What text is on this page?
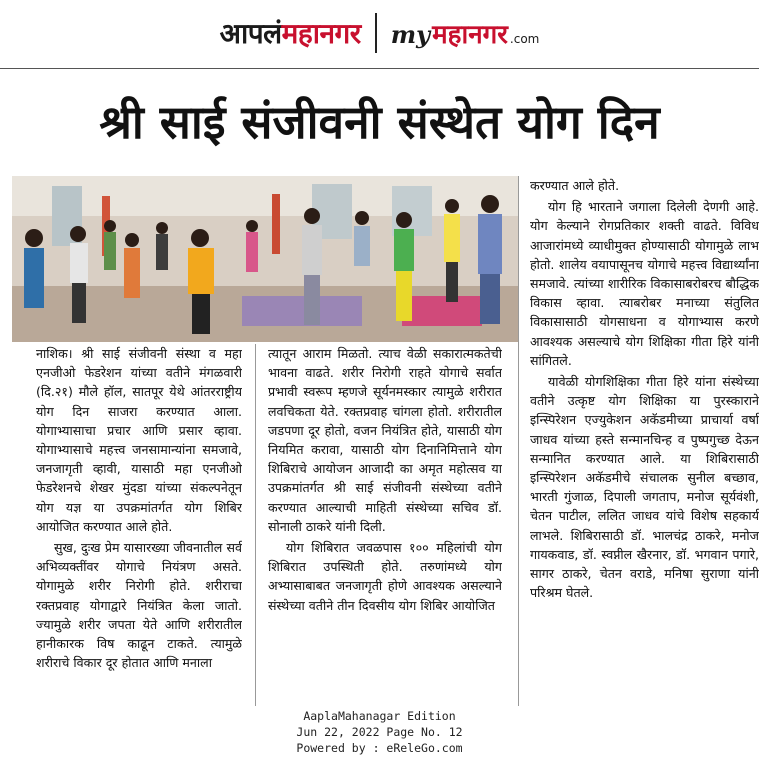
आपलंमहानगर my महानगर .com
श्री साई संजीवनी संस्थेत योग दिन

नाशिक। श्री साई संजीवनी संस्था व महा एनजीओ फेडरेशन यांच्या वतीने मंगळवारी (दि.२१) मौले हॉल, सातपूर येथे आंतरराष्ट्रीय योग दिन साजरा करण्यात आला. योगाभ्यासाचा प्रचार आणि प्रसार व्हावा. योगाभ्यासाचे महत्त्व जनसामान्यांना समजावे, जनजागृती व्हावी, यासाठी महा एनजीओ फेडरेशनचे शेखर मुंदडा यांच्या संकल्पनेतून योग यज्ञ या उपक्रमांतर्गत योग शिबिर आयोजित करण्यात आले होते.

सुख, दुःख प्रेम यासारख्या जीवनातील सर्व अभिव्यक्तींवर योगाचे नियंत्रण असते. योगामुळे शरीर निरोगी होते. शरीराचा रक्तप्रवाह योगाद्वारे नियंत्रित केला जातो. ज्यामुळे शरीर जपता येते आणि शरीरातील हानीकारक विष काढून टाकते. त्यामुळे शरीराचे विकार दूर होतात आणि मनाला

त्यातून आराम मिळतो. त्याच वेळी सकारात्मकतेची भावना वाढते. शरीर निरोगी राहते योगाचे सर्वात प्रभावी स्वरूप म्हणजे सूर्यनमस्कार त्यामुळे शरीरात लवचिकता येते. रक्तप्रवाह चांगला होतो. शरीरातील जडपणा दूर होतो, वजन नियंत्रित होते, यासाठी योग नियमित करावा, यासाठी योग दिनानिमित्ताने योग शिबिराचे आयोजन आजादी का अमृत महोत्सव या उपक्रमांतर्गत श्री साई संजीवनी संस्थेच्या वतीने करण्यात आल्याची माहिती संस्थेच्या सचिव डॉ. सोनाली ठाकरे यांनी दिली.

योग शिबिरात जवळपास १०० महिलांची योग शिबिरात उपस्थिती होते. तरुणांमध्ये योग अभ्यासाबाबत जनजागृती होणे आवश्यक असल्याने संस्थेच्या वतीने तीन दिवसीय योग शिबिर आयोजित

करण्यात आले होते.

योग हि भारताने जगाला दिलेली देणगी आहे. योग केल्याने रोगप्रतिकार शक्ती वाढते. विविध आजारांमध्ये व्याधीमुक्त होण्यासाठी योगामुळे लाभ होतो. शालेय वयापासूनच योगाचे महत्त्व विद्यार्थ्यांना समजावे. त्यांच्या शारीरिक विकासाबरोबरच बौद्धिक विकास व्हावा. त्याबरोबर मनाच्या संतुलित विकासासाठी योगसाधना व योगाभ्यास करणे आवश्यक असल्याचे योग शिक्षिका गीता हिरे यांनी सांगितले.

यावेळी योगशिक्षिका गीता हिरे यांना संस्थेच्या वतीने उत्कृष्ट योग शिक्षिका या पुरस्काराने इन्स्पिरेशन एज्युकेशन अकॅडमीच्या प्राचार्या वर्षा जाधव यांच्या हस्ते सन्मानचिन्ह व पुष्पगुच्छ देऊन सन्मानित करण्यात आले. या शिबिरासाठी इन्स्पिरेशन अकॅडमीचे संचालक सुनील बच्छाव, भारती गुंजाळ, दिपाली जगताप, मनोज सूर्यवंशी, चेतन पाटील, ललित जाधव यांचे विशेष सहकार्य लाभले. शिबिरासाठी डॉ. भालचंद्र ठाकरे, मनोज गायकवाड, डॉ. स्वप्नील खैरनार, डॉ. भगवान पगारे, सागर ठाकरे, चेतन वराडे, मनिषा सुराणा यांनी परिश्रम घेतले.

AaplaMahanagar Edition
Jun 22, 2022 Page No. 12
Powered by : eReleGo.com
